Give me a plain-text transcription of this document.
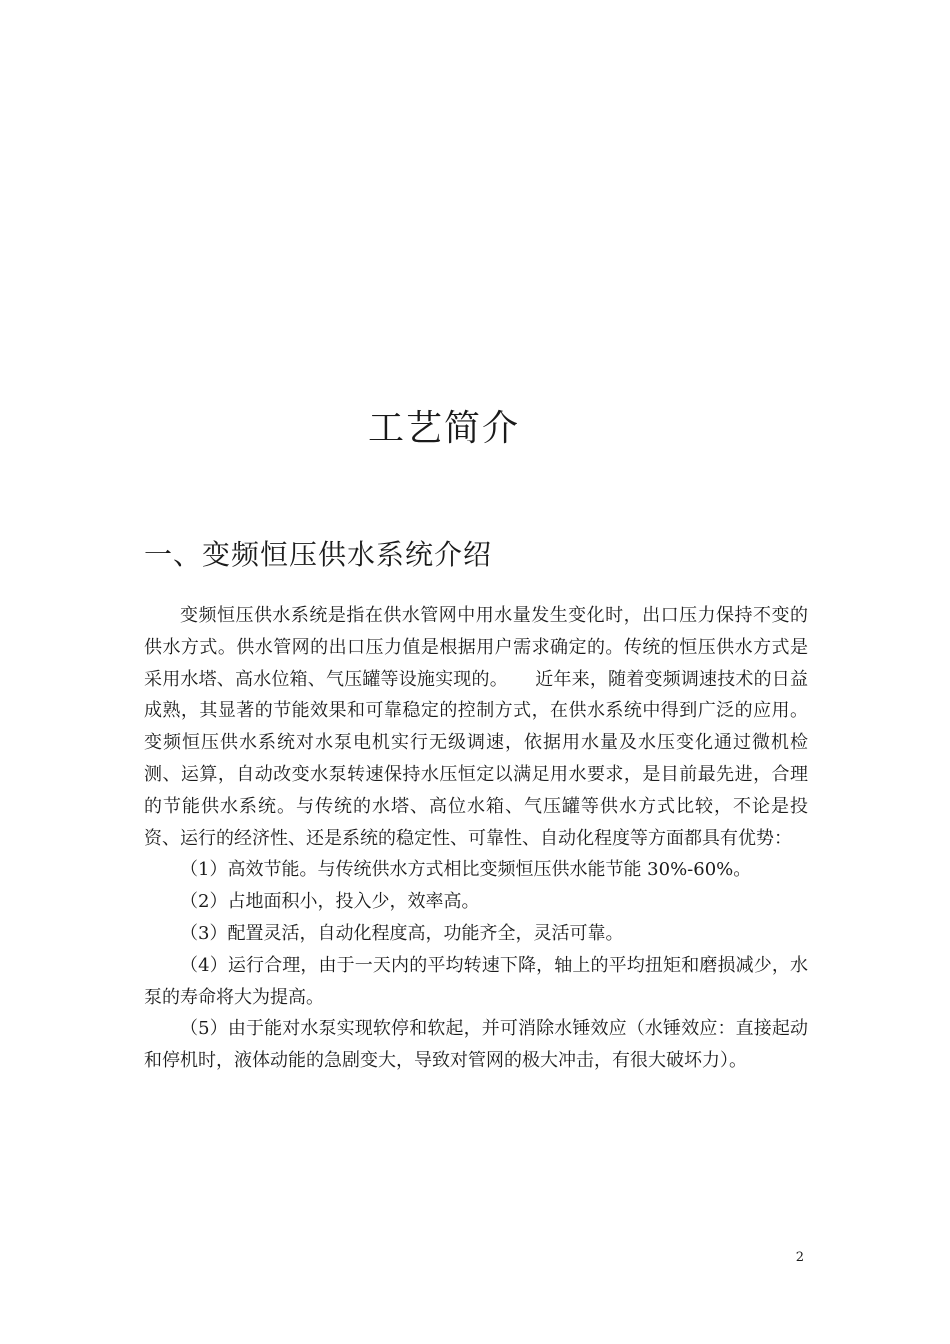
工艺简介
一、变频恒压供水系统介绍

变频恒压供水系统是指在供水管网中用水量发生变化时，出口压力保持不变的供水方式。供水管网的出口压力值是根据用户需求确定的。传统的恒压供水方式是采用水塔、高水位箱、气压罐等设施实现的。　　近年来，随着变频调速技术的日益成熟，其显著的节能效果和可靠稳定的控制方式，在供水系统中得到广泛的应用。变频恒压供水系统对水泵电机实行无级调速，依据用水量及水压变化通过微机检测、运算，自动改变水泵转速保持水压恒定以满足用水要求，是目前最先进，合理的节能供水系统。与传统的水塔、高位水箱、气压罐等供水方式比较，不论是投资、运行的经济性、还是系统的稳定性、可靠性、自动化程度等方面都具有优势：

（1）高效节能。与传统供水方式相比变频恒压供水能节能 30%-60%。

（2）占地面积小，投入少，效率高。

（3）配置灵活，自动化程度高，功能齐全，灵活可靠。

（4）运行合理，由于一天内的平均转速下降，轴上的平均扭矩和磨损减少，水泵的寿命将大为提高。

（5）由于能对水泵实现软停和软起，并可消除水锤效应（水锤效应：直接起动和停机时，液体动能的急剧变大，导致对管网的极大冲击，有很大破坏力）。

2
